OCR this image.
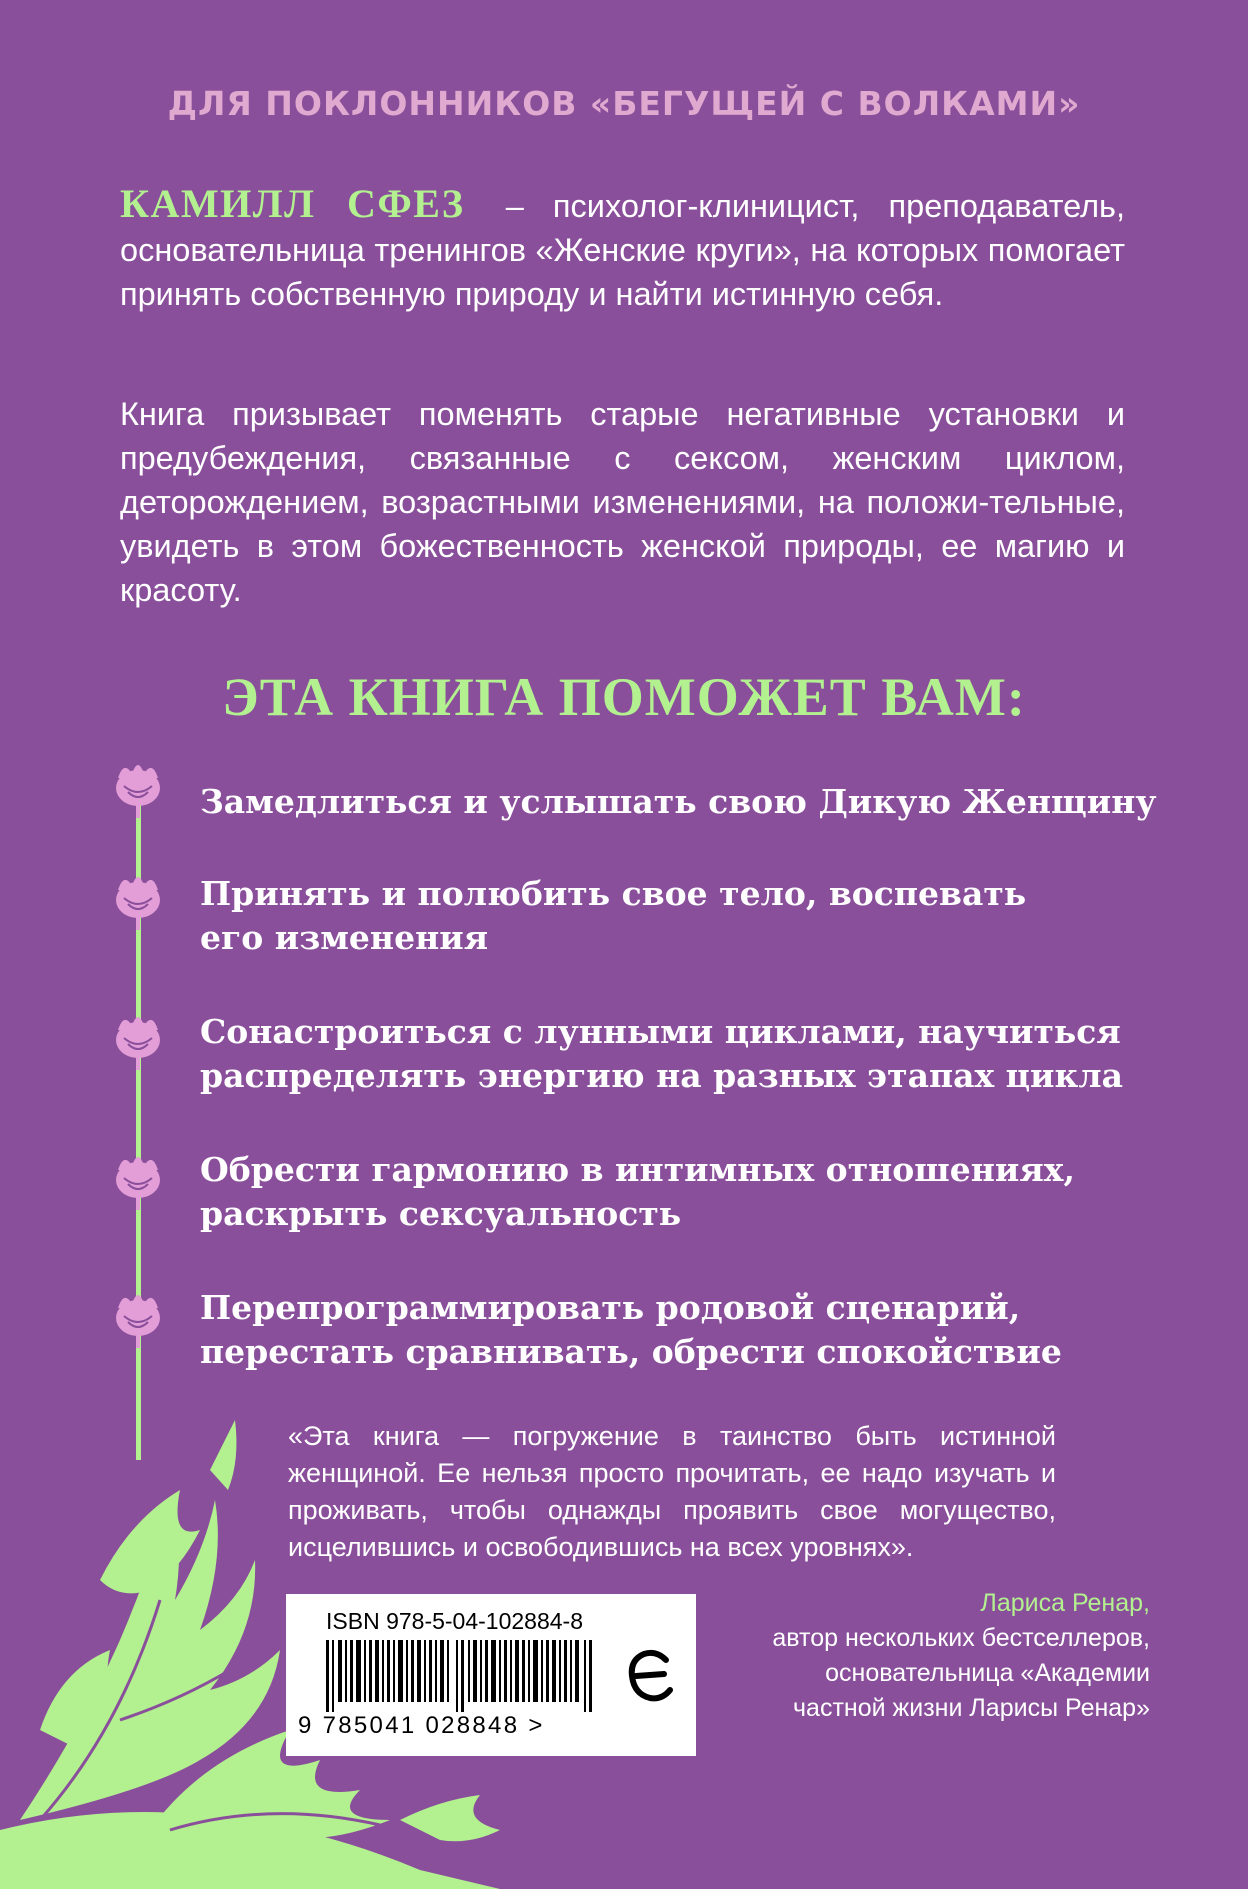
ДЛЯ ПОКЛОННИКОВ «БЕГУЩЕЙ С ВОЛКАМИ»
КАМИЛЛ СФЕЗ – психолог-клиницист, преподаватель, основательница тренингов «Женские круги», на которых помогает принять собственную природу и найти истинную себя.
Книга призывает поменять старые негативные установки и предубеждения, связанные с сексом, женским циклом, деторождением, возрастными изменениями, на положи-тельные, увидеть в этом божественность женской природы, ее магию и красоту.
ЭТА КНИГА ПОМОЖЕТ ВАМ:
Замедлиться и услышать свою Дикую Женщину
Принять и полюбить свое тело, воспевать
его изменения
Сонастроиться с лунными циклами, научиться
распределять энергию на разных этапах цикла
Обрести гармонию в интимных отношениях,
раскрыть сексуальность
Перепрограммировать родовой сценарий,
перестать сравнивать, обрести спокойствие
«Эта книга — погружение в таинство быть истинной женщиной. Ее нельзя просто прочитать, ее надо изучать и проживать, чтобы однажды проявить свое могущество, исцелившись и освободившись на всех уровнях».
Лариса Ренар,
автор нескольких бестселлеров,
основательница «Академии
частной жизни Ларисы Ренар»
ISBN 978-5-04-102884-8
9 785041 028848 >
